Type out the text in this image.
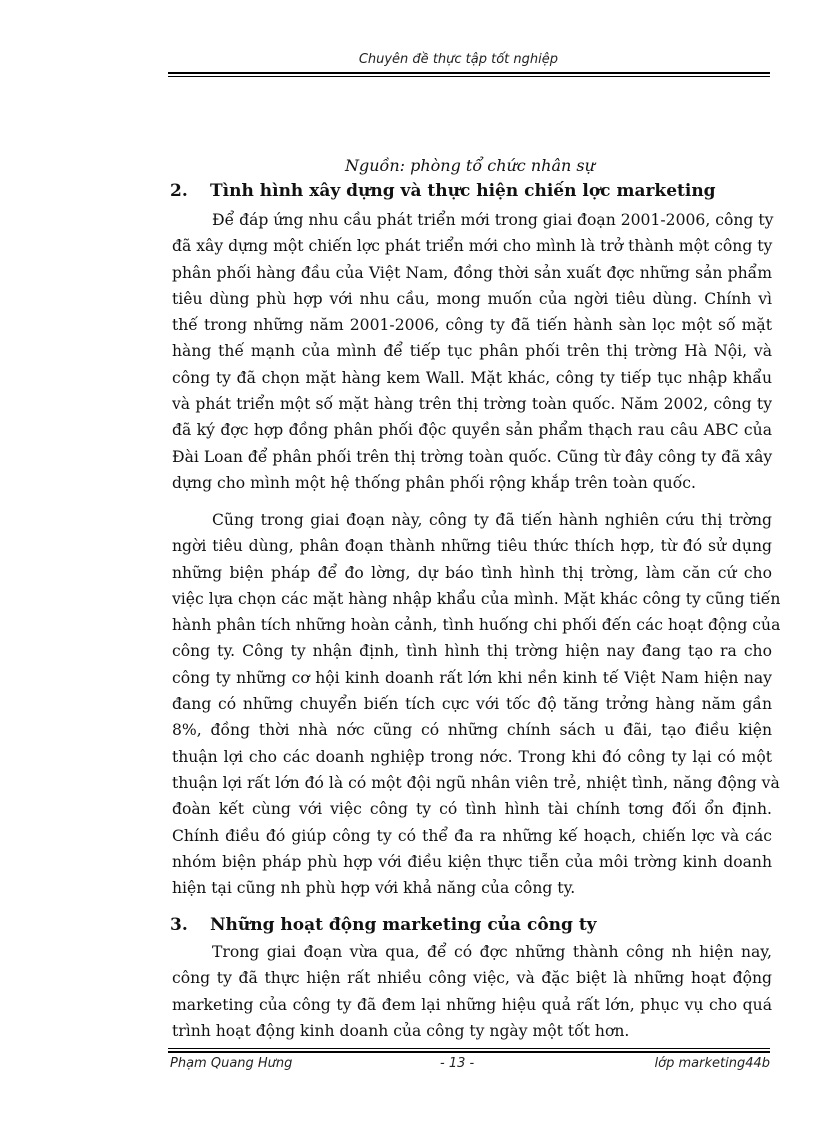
Chuyên đề thực tập tốt nghiệp
Nguồn: phòng tổ chức nhân sự
2. Tình hình xây dựng và thực hiện chiến lợc marketing
Để đáp ứng nhu cầu phát triển mới trong giai đoạn 2001-2006, công ty
đã xây dựng một chiến lợc phát triển mới cho mình là trở thành một công ty
phân phối hàng đầu của Việt Nam, đồng thời sản xuất đợc những sản phẩm
tiêu dùng phù hợp với nhu cầu, mong muốn của ngời tiêu dùng. Chính vì
thế trong những năm 2001-2006, công ty đã tiến hành sàn lọc một số mặt
hàng thế mạnh của mình để tiếp tục phân phối trên thị trờng Hà Nội, và
công ty đã chọn mặt hàng kem Wall. Mặt khác, công ty tiếp tục nhập khẩu
và phát triển một số mặt hàng trên thị trờng toàn quốc. Năm 2002, công ty
đã ký đợc hợp đồng phân phối độc quyền sản phẩm thạch rau câu ABC của
Đài Loan để phân phối trên thị trờng toàn quốc. Cũng từ đây công ty đã xây
dựng cho mình một hệ thống phân phối rộng khắp trên toàn quốc.
Cũng trong giai đoạn này, công ty đã tiến hành nghiên cứu thị trờng
ngời tiêu dùng, phân đoạn thành những tiêu thức thích hợp, từ đó sử dụng
những biện pháp để đo lờng, dự báo tình hình thị trờng, làm căn cứ cho
việc lựa chọn các mặt hàng nhập khẩu của mình. Mặt khác công ty cũng tiến
hành phân tích những hoàn cảnh, tình huống chi phối đến các hoạt động của
công ty. Công ty nhận định, tình hình thị trờng hiện nay đang tạo ra cho
công ty những cơ hội kinh doanh rất lớn khi nền kinh tế Việt Nam hiện nay
đang có những chuyển biến tích cực với tốc độ tăng trởng hàng năm gần
8%, đồng thời nhà nớc cũng có những chính sách u đãi, tạo điều kiện
thuận lợi cho các doanh nghiệp trong nớc. Trong khi đó công ty lại có một
thuận lợi rất lớn đó là có một đội ngũ nhân viên trẻ, nhiệt tình, năng động và
đoàn kết cùng với việc công ty có tình hình tài chính tơng đối ổn định.
Chính điều đó giúp công ty có thể đa ra những kế hoạch, chiến lợc và các
nhóm biện pháp phù hợp với điều kiện thực tiễn của môi trờng kinh doanh
hiện tại cũng nh phù hợp với khả năng của công ty.
3. Những hoạt động marketing của công ty
Trong giai đoạn vừa qua, để có đợc những thành công nh hiện nay,
công ty đã thực hiện rất nhiều công việc, và đặc biệt là những hoạt động
marketing của công ty đã đem lại những hiệu quả rất lớn, phục vụ cho quá
trình hoạt động kinh doanh của công ty ngày một tốt hơn.
Phạm Quang Hưng	- 13 -	lớp marketing44b
